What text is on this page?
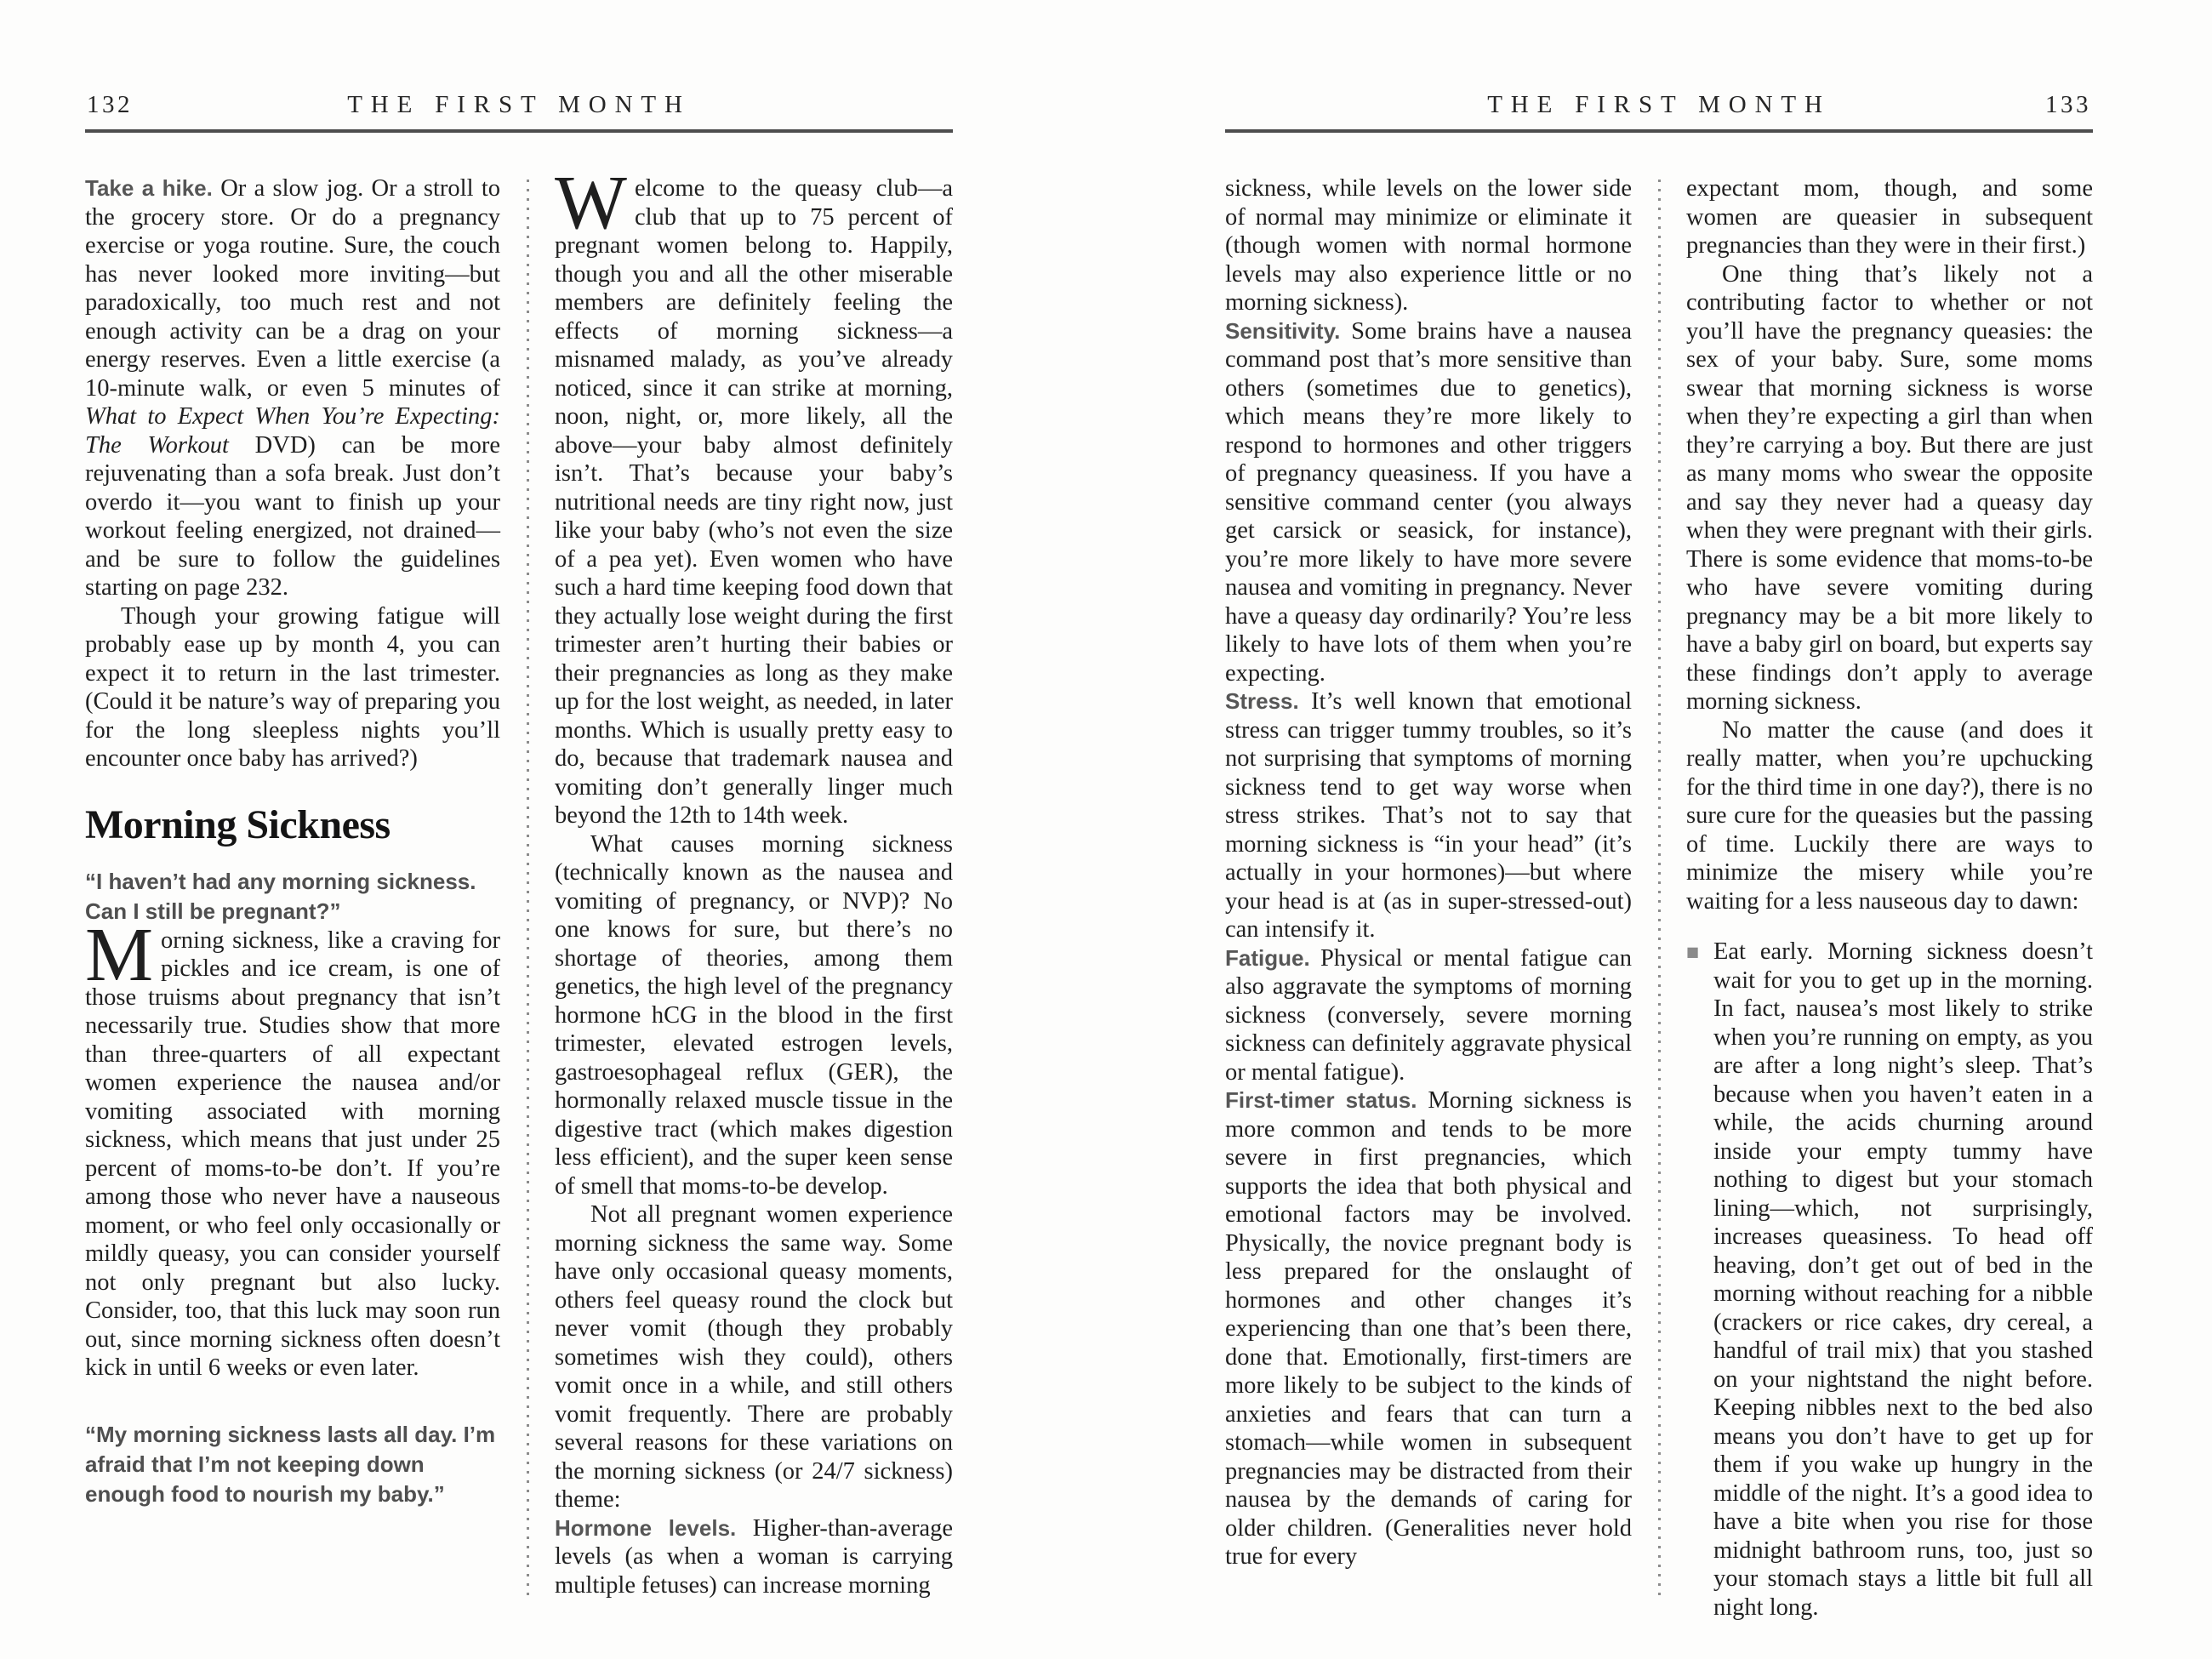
132	THE FIRST MONTH

Take a hike. Or a slow jog. Or a stroll to the grocery store. Or do a pregnancy exercise or yoga routine. Sure, the couch has never looked more inviting—but paradoxically, too much rest and not enough activity can be a drag on your energy reserves. Even a little exercise (a 10-minute walk, or even 5 minutes of What to Expect When You’re Expecting: The Workout DVD) can be more rejuvenating than a sofa break. Just don’t overdo it—you want to finish up your workout feeling energized, not drained—and be sure to follow the guidelines starting on page 232.

Though your growing fatigue will probably ease up by month 4, you can expect it to return in the last trimester. (Could it be nature’s way of preparing you for the long sleepless nights you’ll encounter once baby has arrived?)

Morning Sickness

“I haven’t had any morning sickness. Can I still be pregnant?”

Morning sickness, like a craving for pickles and ice cream, is one of those truisms about pregnancy that isn’t necessarily true. Studies show that more than three-quarters of all expectant women experience the nausea and/or vomiting associated with morning sickness, which means that just under 25 percent of moms-to-be don’t. If you’re among those who never have a nauseous moment, or who feel only occasionally or mildly queasy, you can consider yourself not only pregnant but also lucky. Consider, too, that this luck may soon run out, since morning sickness often doesn’t kick in until 6 weeks or even later.

“My morning sickness lasts all day. I’m afraid that I’m not keeping down enough food to nourish my baby.”

Welcome to the queasy club—a club that up to 75 percent of pregnant women belong to. Happily, though you and all the other miserable members are definitely feeling the effects of morning sickness—a misnamed malady, as you’ve already noticed, since it can strike at morning, noon, night, or, more likely, all the above—your baby almost definitely isn’t. That’s because your baby’s nutritional needs are tiny right now, just like your baby (who’s not even the size of a pea yet). Even women who have such a hard time keeping food down that they actually lose weight during the first trimester aren’t hurting their babies or their pregnancies as long as they make up for the lost weight, as needed, in later months. Which is usually pretty easy to do, because that trademark nausea and vomiting don’t generally linger much beyond the 12th to 14th week.

What causes morning sickness (technically known as the nausea and vomiting of pregnancy, or NVP)? No one knows for sure, but there’s no shortage of theories, among them genetics, the high level of the pregnancy hormone hCG in the blood in the first trimester, elevated estrogen levels, gastroesophageal reflux (GER), the hormonally relaxed muscle tissue in the digestive tract (which makes digestion less efficient), and the super keen sense of smell that moms-to-be develop.

Not all pregnant women experience morning sickness the same way. Some have only occasional queasy moments, others feel queasy round the clock but never vomit (though they probably sometimes wish they could), others vomit once in a while, and still others vomit frequently. There are probably several reasons for these variations on the morning sickness (or 24/7 sickness) theme:

Hormone levels. Higher-than-average levels (as when a woman is carrying multiple fetuses) can increase morning

THE FIRST MONTH	133

sickness, while levels on the lower side of normal may minimize or eliminate it (though women with normal hormone levels may also experience little or no morning sickness).

Sensitivity. Some brains have a nausea command post that’s more sensitive than others (sometimes due to genetics), which means they’re more likely to respond to hormones and other triggers of pregnancy queasiness. If you have a sensitive command center (you always get carsick or seasick, for instance), you’re more likely to have more severe nausea and vomiting in pregnancy. Never have a queasy day ordinarily? You’re less likely to have lots of them when you’re expecting.

Stress. It’s well known that emotional stress can trigger tummy troubles, so it’s not surprising that symptoms of morning sickness tend to get way worse when stress strikes. That’s not to say that morning sickness is “in your head” (it’s actually in your hormones)—but where your head is at (as in super-stressed-out) can intensify it.

Fatigue. Physical or mental fatigue can also aggravate the symptoms of morning sickness (conversely, severe morning sickness can definitely aggravate physical or mental fatigue).

First-timer status. Morning sickness is more common and tends to be more severe in first pregnancies, which supports the idea that both physical and emotional factors may be involved. Physically, the novice pregnant body is less prepared for the onslaught of hormones and other changes it’s experiencing than one that’s been there, done that. Emotionally, first-timers are more likely to be subject to the kinds of anxieties and fears that can turn a stomach—while women in subsequent pregnancies may be distracted from their nausea by the demands of caring for older children. (Generalities never hold true for every

expectant mom, though, and some women are queasier in subsequent pregnancies than they were in their first.)

One thing that’s likely not a contributing factor to whether or not you’ll have the pregnancy queasies: the sex of your baby. Sure, some moms swear that morning sickness is worse when they’re expecting a girl than when they’re carrying a boy. But there are just as many moms who swear the opposite and say they never had a queasy day when they were pregnant with their girls. There is some evidence that moms-to-be who have severe vomiting during pregnancy may be a bit more likely to have a baby girl on board, but experts say these findings don’t apply to average morning sickness.

No matter the cause (and does it really matter, when you’re upchucking for the third time in one day?), there is no sure cure for the queasies but the passing of time. Luckily there are ways to minimize the misery while you’re waiting for a less nauseous day to dawn:

■ Eat early. Morning sickness doesn’t wait for you to get up in the morning. In fact, nausea’s most likely to strike when you’re running on empty, as you are after a long night’s sleep. That’s because when you haven’t eaten in a while, the acids churning around inside your empty tummy have nothing to digest but your stomach lining—which, not surprisingly, increases queasiness. To head off heaving, don’t get out of bed in the morning without reaching for a nibble (crackers or rice cakes, dry cereal, a handful of trail mix) that you stashed on your nightstand the night before. Keeping nibbles next to the bed also means you don’t have to get up for them if you wake up hungry in the middle of the night. It’s a good idea to have a bite when you rise for those midnight bathroom runs, too, just so your stomach stays a little bit full all night long.
